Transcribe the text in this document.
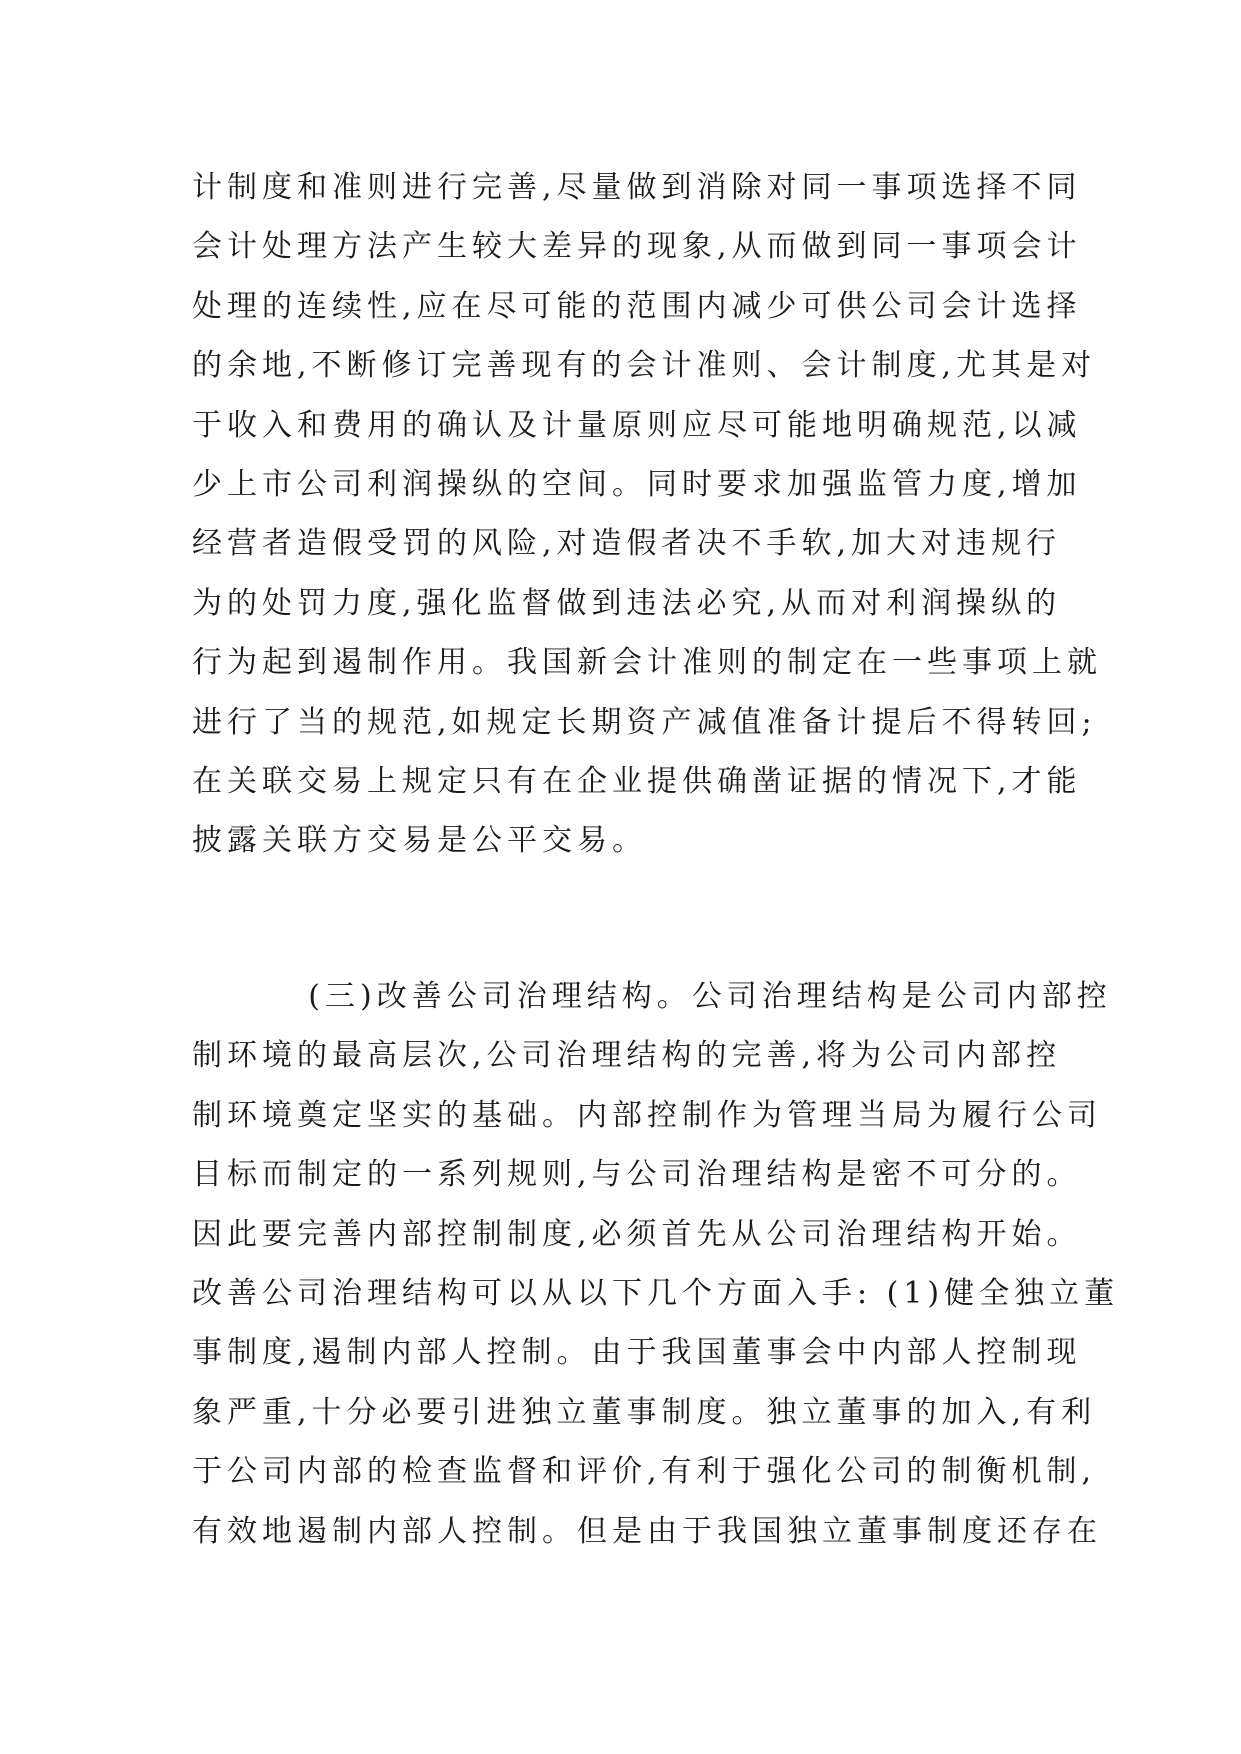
计制度和准则进行完善,尽量做到消除对同一事项选择不同
会计处理方法产生较大差异的现象,从而做到同一事项会计
处理的连续性,应在尽可能的范围内减少可供公司会计选择
的余地,不断修订完善现有的会计准则、会计制度,尤其是对
于收入和费用的确认及计量原则应尽可能地明确规范,以减
少上市公司利润操纵的空间。同时要求加强监管力度,增加
经营者造假受罚的风险,对造假者决不手软,加大对违规行
为的处罚力度,强化监督做到违法必究,从而对利润操纵的
行为起到遏制作用。我国新会计准则的制定在一些事项上就
进行了当的规范,如规定长期资产减值准备计提后不得转回;
在关联交易上规定只有在企业提供确凿证据的情况下,才能
披露关联方交易是公平交易。
(三)改善公司治理结构。公司治理结构是公司内部控
制环境的最高层次,公司治理结构的完善,将为公司内部控
制环境奠定坚实的基础。内部控制作为管理当局为履行公司
目标而制定的一系列规则,与公司治理结构是密不可分的。
因此要完善内部控制制度,必须首先从公司治理结构开始。
改善公司治理结构可以从以下几个方面入手: (1)健全独立董
事制度,遏制内部人控制。由于我国董事会中内部人控制现
象严重,十分必要引进独立董事制度。独立董事的加入,有利
于公司内部的检查监督和评价,有利于强化公司的制衡机制,
有效地遏制内部人控制。但是由于我国独立董事制度还存在
